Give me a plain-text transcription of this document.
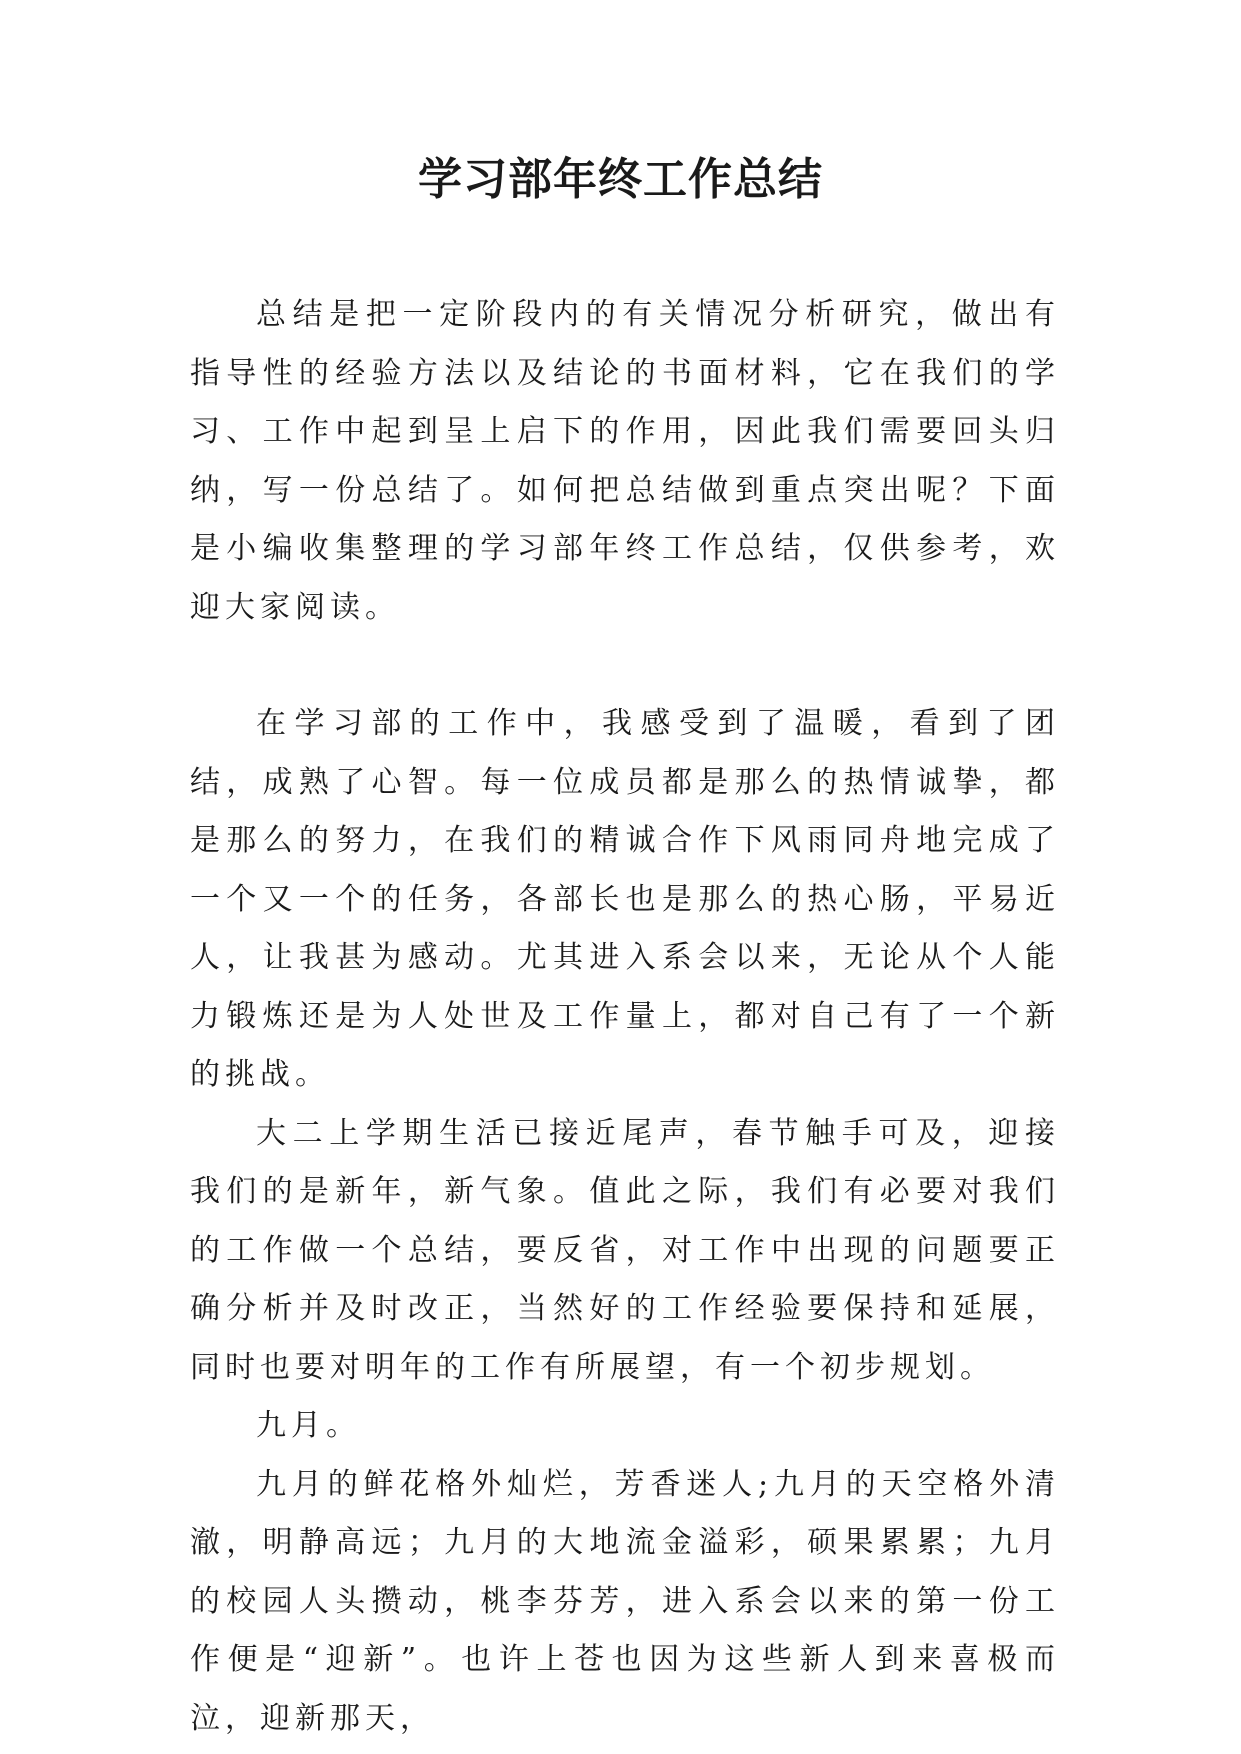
学习部年终工作总结

总结是把一定阶段内的有关情况分析研究，做出有指导性的经验方法以及结论的书面材料，它在我们的学习、工作中起到呈上启下的作用，因此我们需要回头归纳，写一份总结了。如何把总结做到重点突出呢？下面是小编收集整理的学习部年终工作总结，仅供参考，欢迎大家阅读。

在学习部的工作中，我感受到了温暖，看到了团结，成熟了心智。每一位成员都是那么的热情诚挚，都是那么的努力，在我们的精诚合作下风雨同舟地完成了一个又一个的任务，各部长也是那么的热心肠，平易近人，让我甚为感动。尤其进入系会以来，无论从个人能力锻炼还是为人处世及工作量上，都对自己有了一个新的挑战。

大二上学期生活已接近尾声，春节触手可及，迎接我们的是新年，新气象。值此之际，我们有必要对我们的工作做一个总结，要反省，对工作中出现的问题要正确分析并及时改正，当然好的工作经验要保持和延展，同时也要对明年的工作有所展望，有一个初步规划。

九月。

九月的鲜花格外灿烂，芳香迷人;九月的天空格外清澈，明静高远；九月的大地流金溢彩，硕果累累；九月的校园人头攒动，桃李芬芳，进入系会以来的第一份工作便是“迎新”。也许上苍也因为这些新人到来喜极而泣，迎新那天，
